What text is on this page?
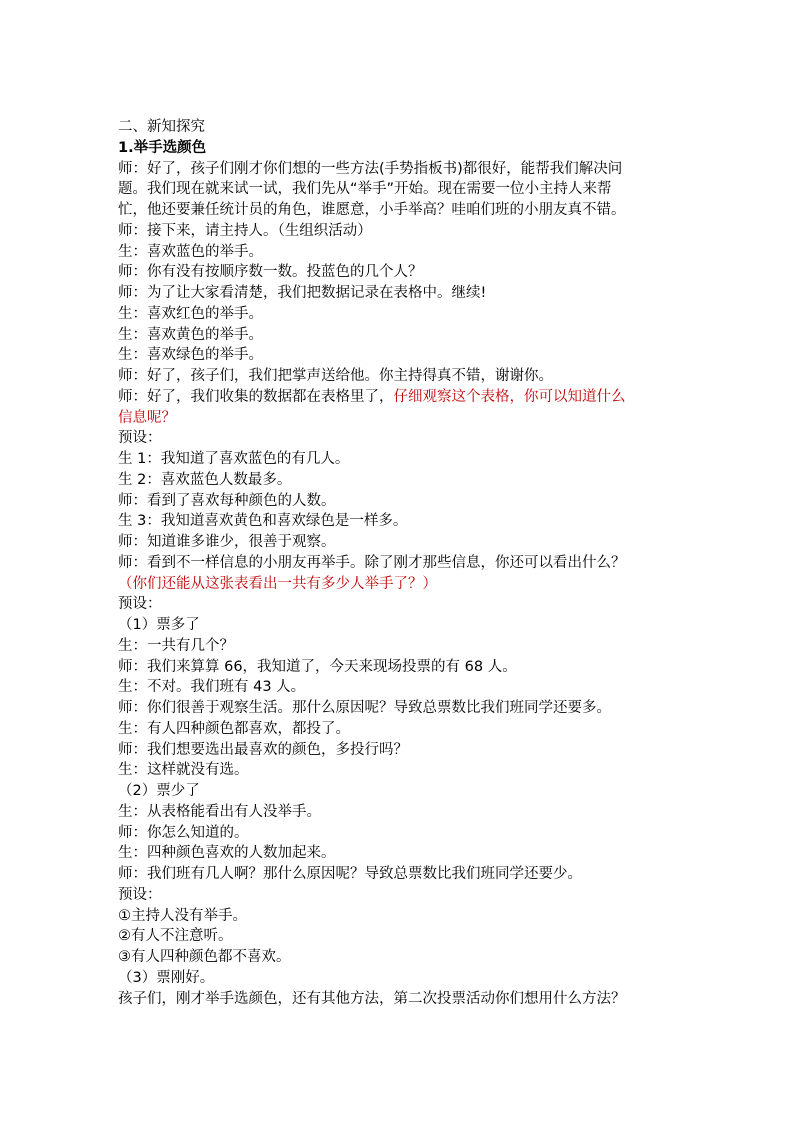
二、新知探究
1.举手选颜色
师：好了，孩子们刚才你们想的一些方法(手势指板书)都很好，能帮我们解决问
题。我们现在就来试一试，我们先从“举手”开始。现在需要一位小主持人来帮
忙，他还要兼任统计员的角色，谁愿意，小手举高？哇咱们班的小朋友真不错。
师：接下来，请主持人。（生组织活动）
生：喜欢蓝色的举手。
师：你有没有按顺序数一数。投蓝色的几个人？
师：为了让大家看清楚，我们把数据记录在表格中。继续!
生：喜欢红色的举手。
生：喜欢黄色的举手。
生：喜欢绿色的举手。
师：好了，孩子们，我们把掌声送给他。你主持得真不错，谢谢你。
师：好了，我们收集的数据都在表格里了，仔细观察这个表格，你可以知道什么
信息呢？
预设：
生 1：我知道了喜欢蓝色的有几人。
生 2：喜欢蓝色人数最多。
师：看到了喜欢每种颜色的人数。
生 3：我知道喜欢黄色和喜欢绿色是一样多。
师：知道谁多谁少，很善于观察。
师：看到不一样信息的小朋友再举手。除了刚才那些信息，你还可以看出什么？
（你们还能从这张表看出一共有多少人举手了？）
预设：
（1）票多了
生：一共有几个？
师：我们来算算 66，我知道了，今天来现场投票的有 68 人。
生：不对。我们班有 43 人。
师：你们很善于观察生活。那什么原因呢？导致总票数比我们班同学还要多。
生：有人四种颜色都喜欢，都投了。
师：我们想要选出最喜欢的颜色，多投行吗？
生：这样就没有选。
（2）票少了
生：从表格能看出有人没举手。
师：你怎么知道的。
生：四种颜色喜欢的人数加起来。
师：我们班有几人啊？那什么原因呢？导致总票数比我们班同学还要少。
预设：
①主持人没有举手。
②有人不注意听。
③有人四种颜色都不喜欢。
（3）票刚好。
孩子们，刚才举手选颜色，还有其他方法，第二次投票活动你们想用什么方法？
